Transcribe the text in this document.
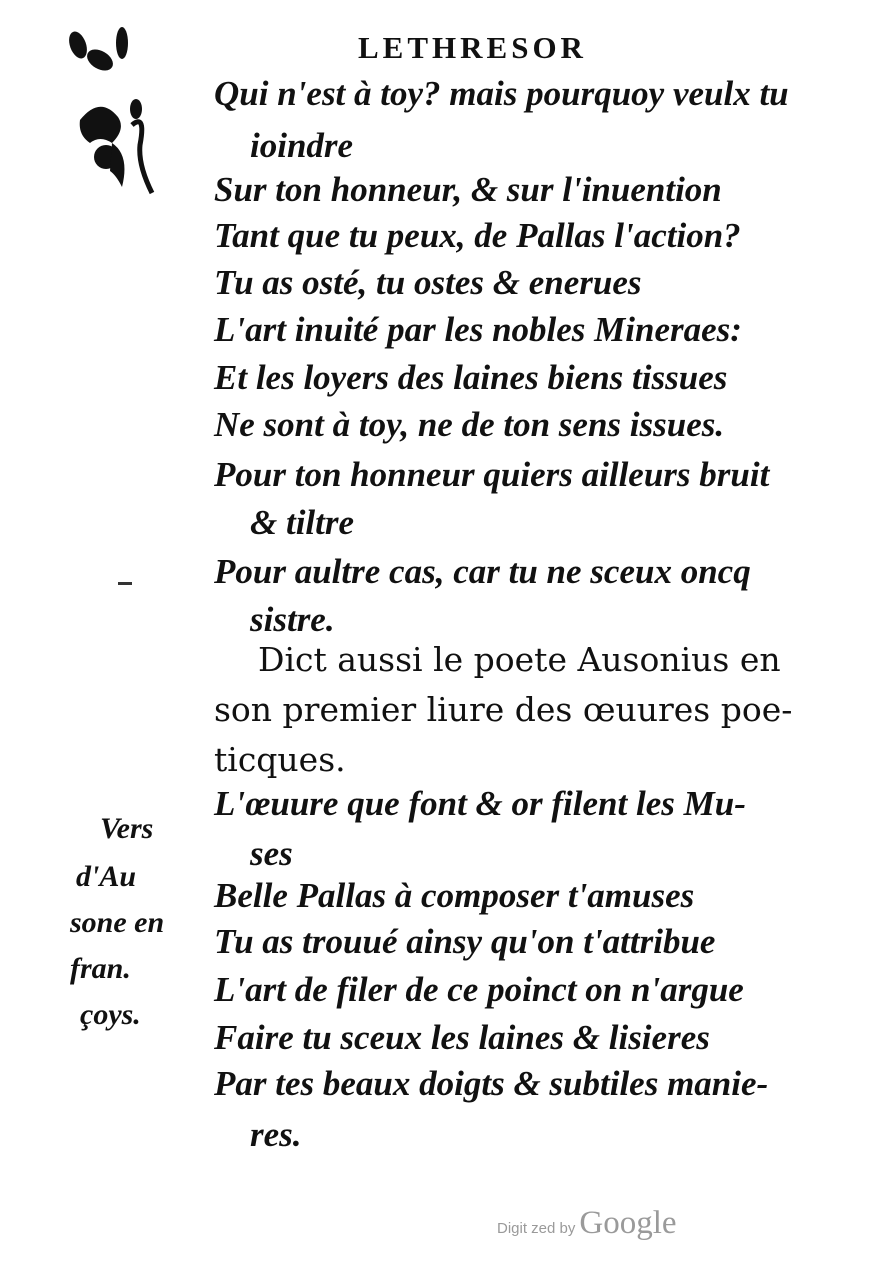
LETHRESOR
Qui n'est à toy? mais pourquoy veulx tu
ioindre
Sur ton honneur, & sur l'inuention
Tant que tu peux, de Pallas l'action?
Tu as osté, tu ostes & enerues
L'art inuité par les nobles Mineraes:
Et les loyers des laines biens tissues
Ne sont à toy, ne de ton sens issues.
Pour ton honneur quiers ailleurs bruit
& tiltre
Pour aultre cas, car tu ne sceux oncq
sistre.
Dict aussi le poete Ausonius en
son premier liure des œuures poe-
ticques.
L'œuure que font & or filent les Mu-
ses
Belle Pallas à composer t'amuses
Tu as trouué ainsy qu'on t'attribue
L'art de filer de ce poinct on n'argue
Faire tu sceux les laines & lisieres
Par tes beaux doigts & subtiles manie-
res.
Vers
d'Au
sone en
fran.
çoys.
Digit zed by Google
